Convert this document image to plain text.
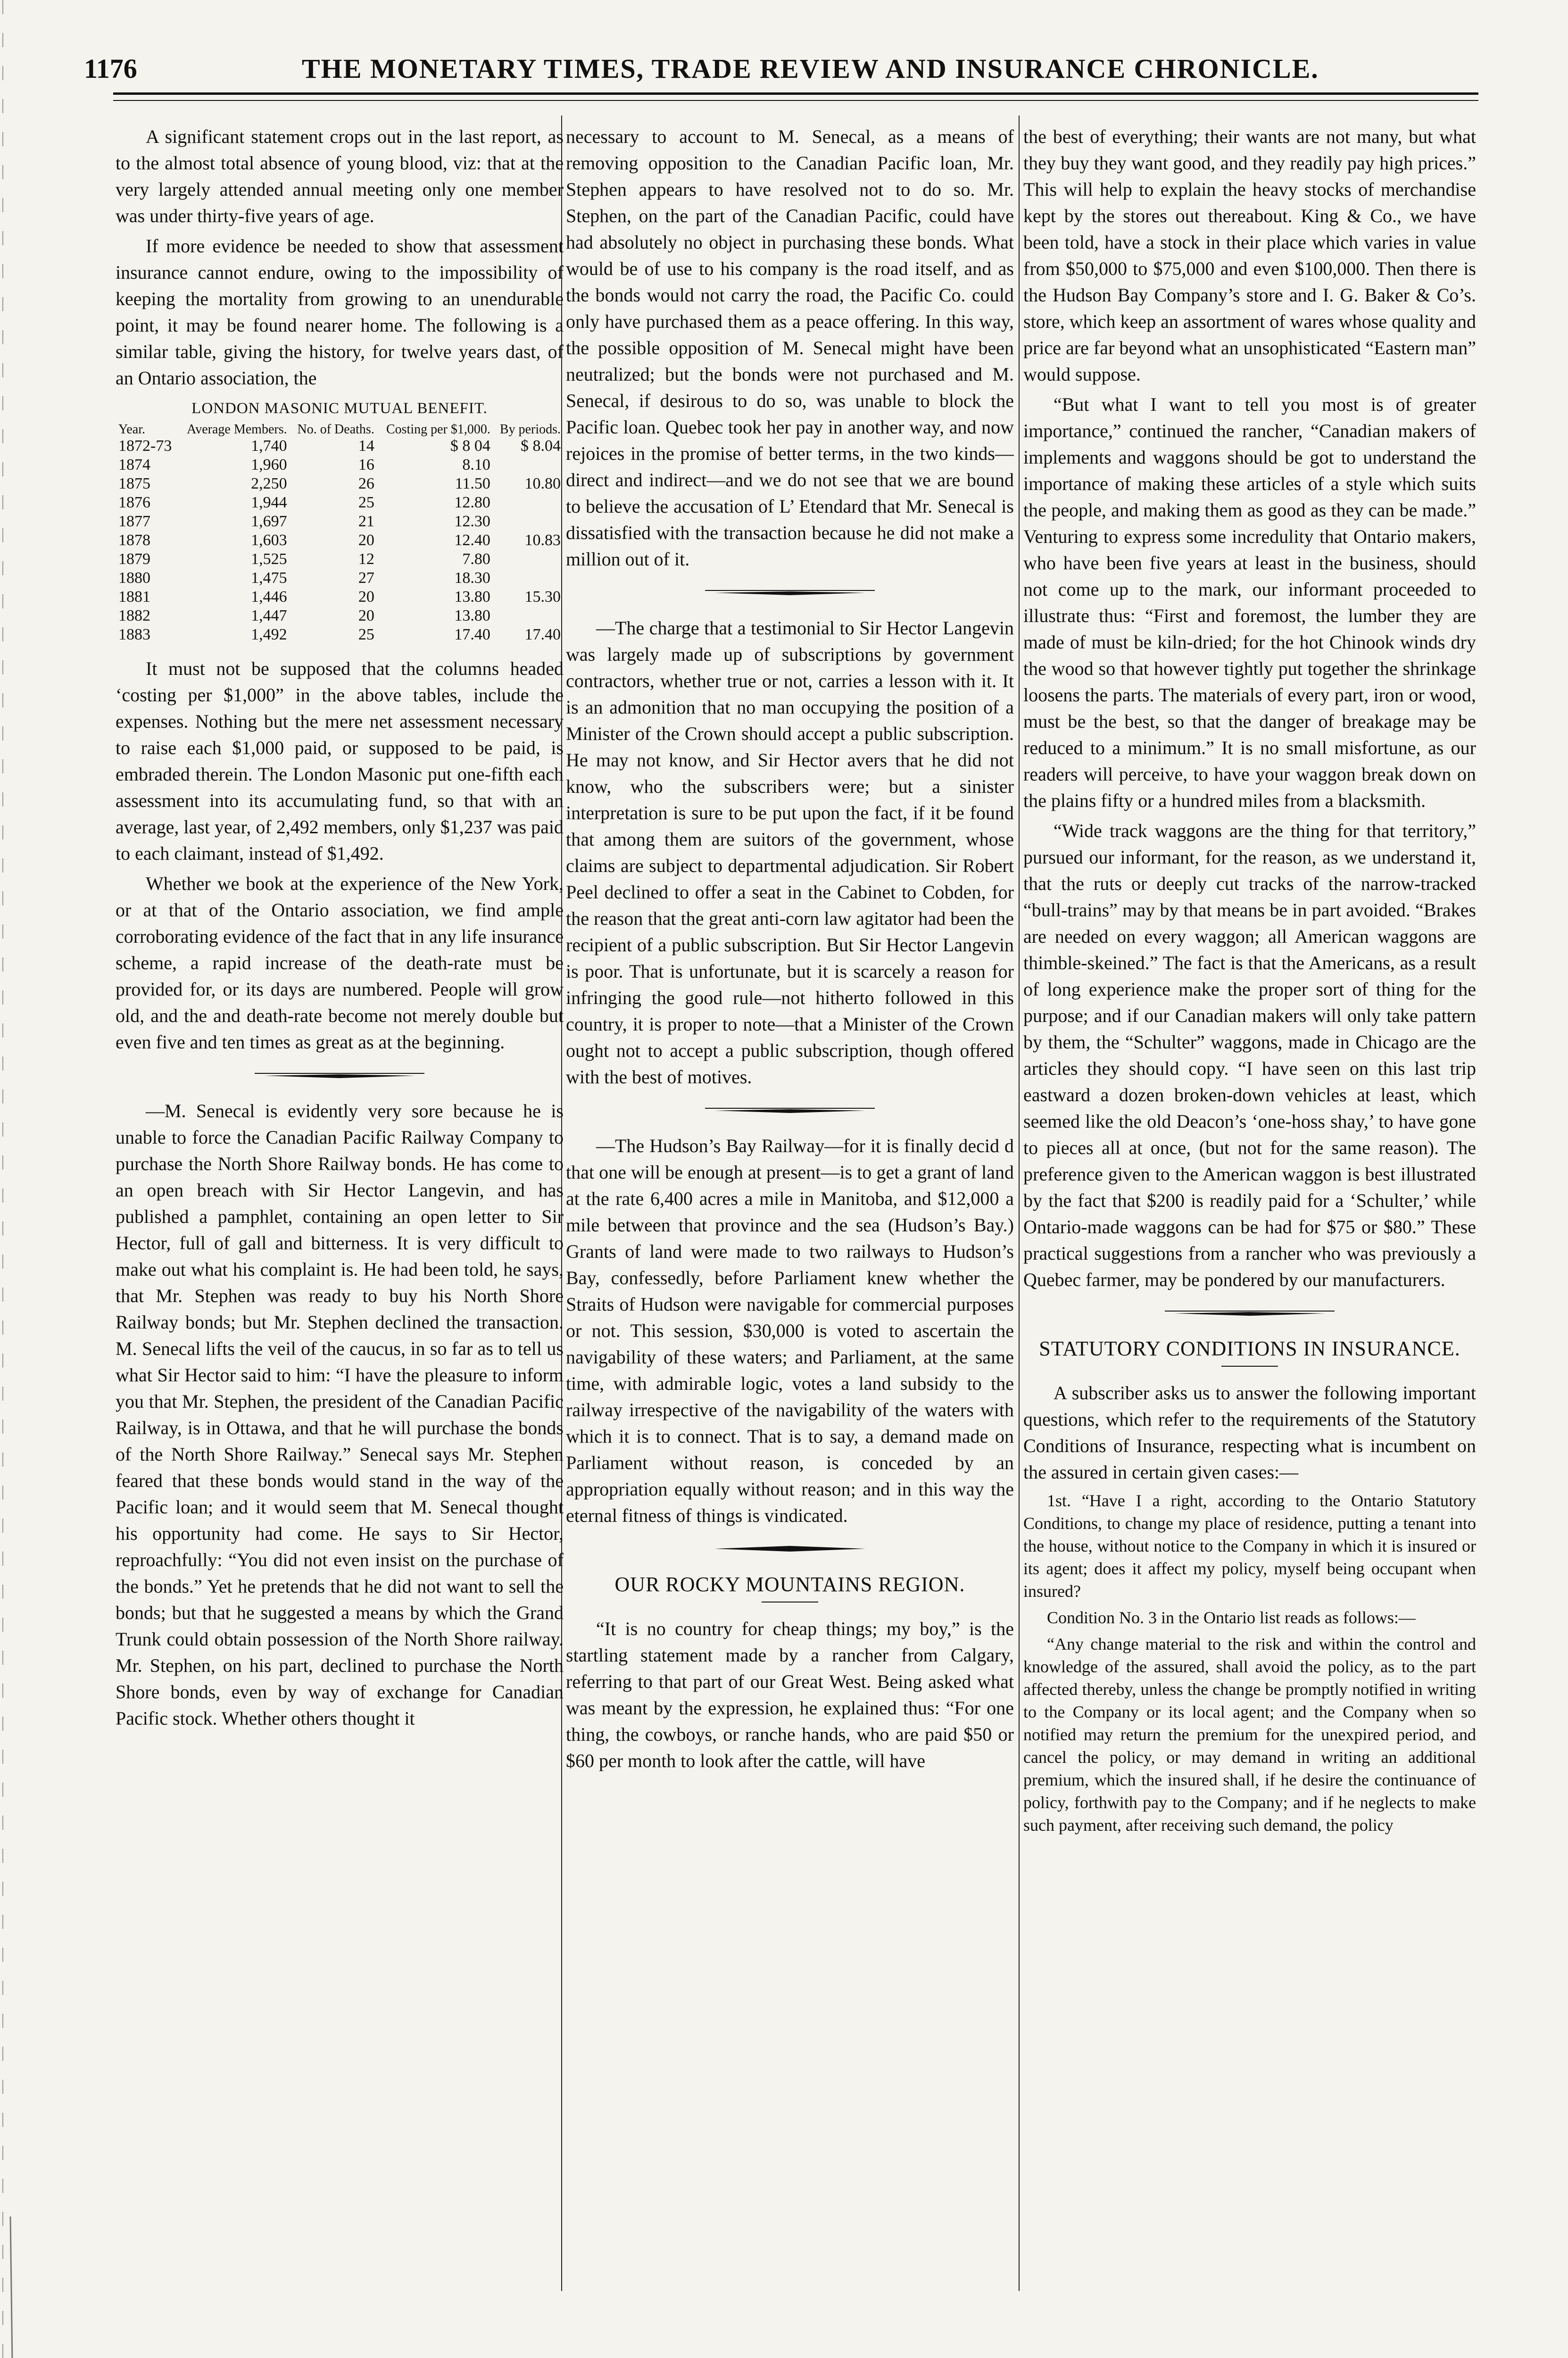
1176	THE MONETARY TIMES, TRADE REVIEW AND INSURANCE CHRONICLE.

A significant statement crops out in the last report, as to the almost total absence of young blood, viz: that at the very largely attended annual meeting only one member was under thirty-five years of age.

If more evidence be needed to show that assessment insurance cannot endure, owing to the impossibility of keeping the mortality from growing to an unendurable point, it may be found nearer home. The following is a similar table, giving the history, for twelve years dast, of an Ontario association, the

LONDON MASONIC MUTUAL BENEFIT.
Year.	Average Members.	No. of Deaths.	Costing per $1,000.	By periods.
1872-73	1,740	14	$ 8 04	$ 8.04
1874	1,960	16	8.10	
1875	2,250	26	11.50	10.80
1876	1,944	25	12.80	
1877	1,697	21	12.30	
1878	1,603	20	12.40	10.83
1879	1,525	12	7.80	
1880	1,475	27	18.30	
1881	1,446	20	13.80	15.30
1882	1,447	20	13.80	
1883	1,492	25	17.40	17.40

It must not be supposed that the columns headed ‘costing per $1,000” in the above tables, include the expenses. Nothing but the mere net assessment necessary to raise each $1,000 paid, or supposed to be paid, is embraded therein. The London Masonic put one-fifth each assessment into its accumulating fund, so that with an average, last year, of 2,492 members, only $1,237 was paid to each claimant, instead of $1,492.

Whether we book at the experience of the New York, or at that of the Ontario association, we find ample corroborating evidence of the fact that in any life insurance scheme, a rapid increase of the death-rate must be provided for, or its days are numbered. People will grow old, and the and death-rate become not merely double but even five and ten times as great as at the beginning.

—M. Senecal is evidently very sore because he is unable to force the Canadian Pacific Railway Company to purchase the North Shore Railway bonds. He has come to an open breach with Sir Hector Langevin, and has published a pamphlet, containing an open letter to Sir Hector, full of gall and bitterness. It is very difficult to make out what his complaint is. He had been told, he says, that Mr. Stephen was ready to buy his North Shore Railway bonds; but Mr. Stephen declined the transaction. M. Senecal lifts the veil of the caucus, in so far as to tell us what Sir Hector said to him: “I have the pleasure to inform you that Mr. Stephen, the president of the Canadian Pacific Railway, is in Ottawa, and that he will purchase the bonds of the North Shore Railway.” Senecal says Mr. Stephen feared that these bonds would stand in the way of the Pacific loan; and it would seem that M. Senecal thought his opportunity had come. He says to Sir Hector, reproachfully: “You did not even insist on the purchase of the bonds.” Yet he pretends that he did not want to sell the bonds; but that he suggested a means by which the Grand Trunk could obtain possession of the North Shore railway. Mr. Stephen, on his part, declined to purchase the North Shore bonds, even by way of exchange for Canadian Pacific stock. Whether others thought it

necessary to account to M. Senecal, as a means of removing opposition to the Canadian Pacific loan, Mr. Stephen appears to have resolved not to do so. Mr. Stephen, on the part of the Canadian Pacific, could have had absolutely no object in purchasing these bonds. What would be of use to his company is the road itself, and as the bonds would not carry the road, the Pacific Co. could only have purchased them as a peace offering. In this way, the possible opposition of M. Senecal might have been neutralized; but the bonds were not purchased and M. Senecal, if desirous to do so, was unable to block the Pacific loan. Quebec took her pay in another way, and now rejoices in the promise of better terms, in the two kinds—direct and indirect—and we do not see that we are bound to believe the accusation of L’ Etendard that Mr. Senecal is dissatisfied with the transaction because he did not make a million out of it.

—The charge that a testimonial to Sir Hector Langevin was largely made up of subscriptions by government contractors, whether true or not, carries a lesson with it. It is an admonition that no man occupying the position of a Minister of the Crown should accept a public subscription. He may not know, and Sir Hector avers that he did not know, who the subscribers were; but a sinister interpretation is sure to be put upon the fact, if it be found that among them are suitors of the government, whose claims are subject to departmental adjudication. Sir Robert Peel declined to offer a seat in the Cabinet to Cobden, for the reason that the great anti-corn law agitator had been the recipient of a public subscription. But Sir Hector Langevin is poor. That is unfortunate, but it is scarcely a reason for infringing the good rule—not hitherto followed in this country, it is proper to note—that a Minister of the Crown ought not to accept a public subscription, though offered with the best of motives.

—The Hudson’s Bay Railway—for it is finally decid d that one will be enough at present—is to get a grant of land at the rate 6,400 acres a mile in Manitoba, and $12,000 a mile between that province and the sea (Hudson’s Bay.) Grants of land were made to two railways to Hudson’s Bay, confessedly, before Parliament knew whether the Straits of Hudson were navigable for commercial purposes or not. This session, $30,000 is voted to ascertain the navigability of these waters; and Parliament, at the same time, with admirable logic, votes a land subsidy to the railway irrespective of the navigability of the waters with which it is to connect. That is to say, a demand made on Parliament without reason, is conceded by an appropriation equally without reason; and in this way the eternal fitness of things is vindicated.

OUR ROCKY MOUNTAINS REGION.

“It is no country for cheap things; my boy,” is the startling statement made by a rancher from Calgary, referring to that part of our Great West. Being asked what was meant by the expression, he explained thus: “For one thing, the cowboys, or ranche hands, who are paid $50 or $60 per month to look after the cattle, will have

the best of everything; their wants are not many, but what they buy they want good, and they readily pay high prices.” This will help to explain the heavy stocks of merchandise kept by the stores out thereabout. King & Co., we have been told, have a stock in their place which varies in value from $50,000 to $75,000 and even $100,000. Then there is the Hudson Bay Company’s store and I. G. Baker & Co’s. store, which keep an assortment of wares whose quality and price are far beyond what an unsophisticated “Eastern man” would suppose.

“But what I want to tell you most is of greater importance,” continued the rancher, “Canadian makers of implements and waggons should be got to understand the importance of making these articles of a style which suits the people, and making them as good as they can be made.” Venturing to express some incredulity that Ontario makers, who have been five years at least in the business, should not come up to the mark, our informant proceeded to illustrate thus: “First and foremost, the lumber they are made of must be kiln-dried; for the hot Chinook winds dry the wood so that however tightly put together the shrinkage loosens the parts. The materials of every part, iron or wood, must be the best, so that the danger of breakage may be reduced to a minimum.” It is no small misfortune, as our readers will perceive, to have your waggon break down on the plains fifty or a hundred miles from a blacksmith.

“Wide track waggons are the thing for that territory,” pursued our informant, for the reason, as we understand it, that the ruts or deeply cut tracks of the narrow-tracked “bull-trains” may by that means be in part avoided. “Brakes are needed on every waggon; all American waggons are thimble-skeined.” The fact is that the Americans, as a result of long experience make the proper sort of thing for the purpose; and if our Canadian makers will only take pattern by them, the “Schulter” waggons, made in Chicago are the articles they should copy. “I have seen on this last trip eastward a dozen broken-down vehicles at least, which seemed like the old Deacon’s ‘one-hoss shay,’ to have gone to pieces all at once, (but not for the same reason). The preference given to the American waggon is best illustrated by the fact that $200 is readily paid for a ‘Schulter,’ while Ontario-made waggons can be had for $75 or $80.” These practical suggestions from a rancher who was previously a Quebec farmer, may be pondered by our manufacturers.

STATUTORY CONDITIONS IN INSURANCE.

A subscriber asks us to answer the following important questions, which refer to the requirements of the Statutory Conditions of Insurance, respecting what is incumbent on the assured in certain given cases:—

1st. “Have I a right, according to the Ontario Statutory Conditions, to change my place of residence, putting a tenant into the house, without notice to the Company in which it is insured or its agent; does it affect my policy, myself being occupant when insured?

Condition No. 3 in the Ontario list reads as follows:—

“Any change material to the risk and within the control and knowledge of the assured, shall avoid the policy, as to the part affected thereby, unless the change be promptly notified in writing to the Company or its local agent; and the Company when so notified may return the premium for the unexpired period, and cancel the policy, or may demand in writing an additional premium, which the insured shall, if he desire the continuance of policy, forthwith pay to the Company; and if he neglects to make such payment, after receiving such demand, the policy
